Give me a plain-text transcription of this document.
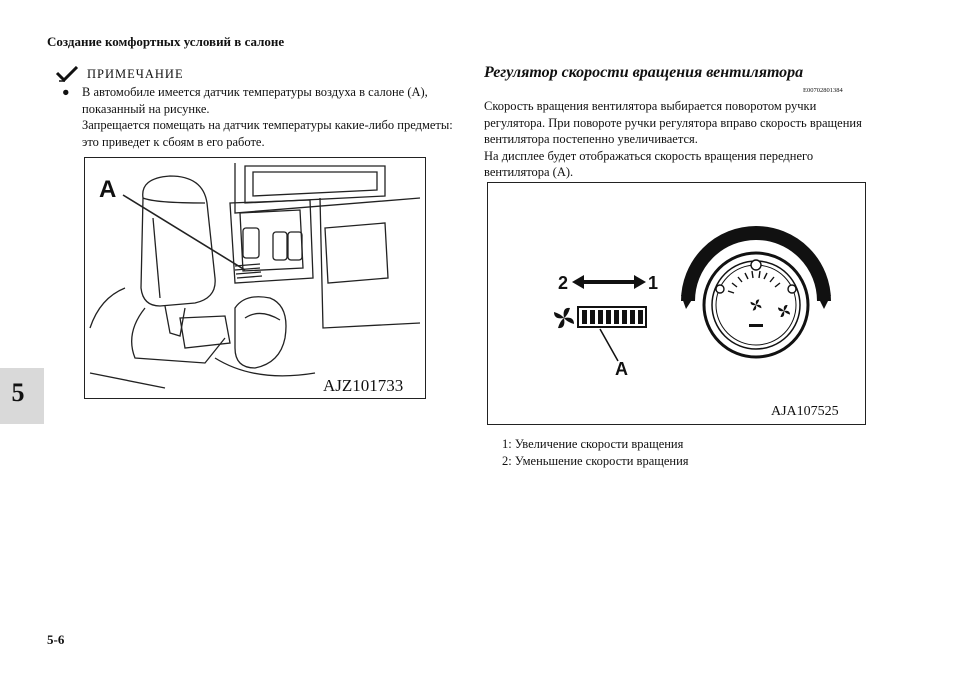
Создание комфортных условий в салоне
5
ПРИМЕЧАНИЕ
● В автомобиле имеется датчик температуры воздуха в салоне (A), показанный на рисунке.
Запрещается помещать на датчик температуры какие-либо предметы: это приведет к сбоям в его работе.
A
AJZ101733
Регулятор скорости вращения вентилятора
E00702801384
Скорость вращения вентилятора выбирается поворотом ручки регулятора. При повороте ручки регулятора вправо скорость вращения вентилятора постепенно увеличивается.
На дисплее будет отображаться скорость вращения переднего вентилятора (A).
2	1
A
AJA107525
1: Увеличение скорости вращения
2: Уменьшение скорости вращения
5-6
